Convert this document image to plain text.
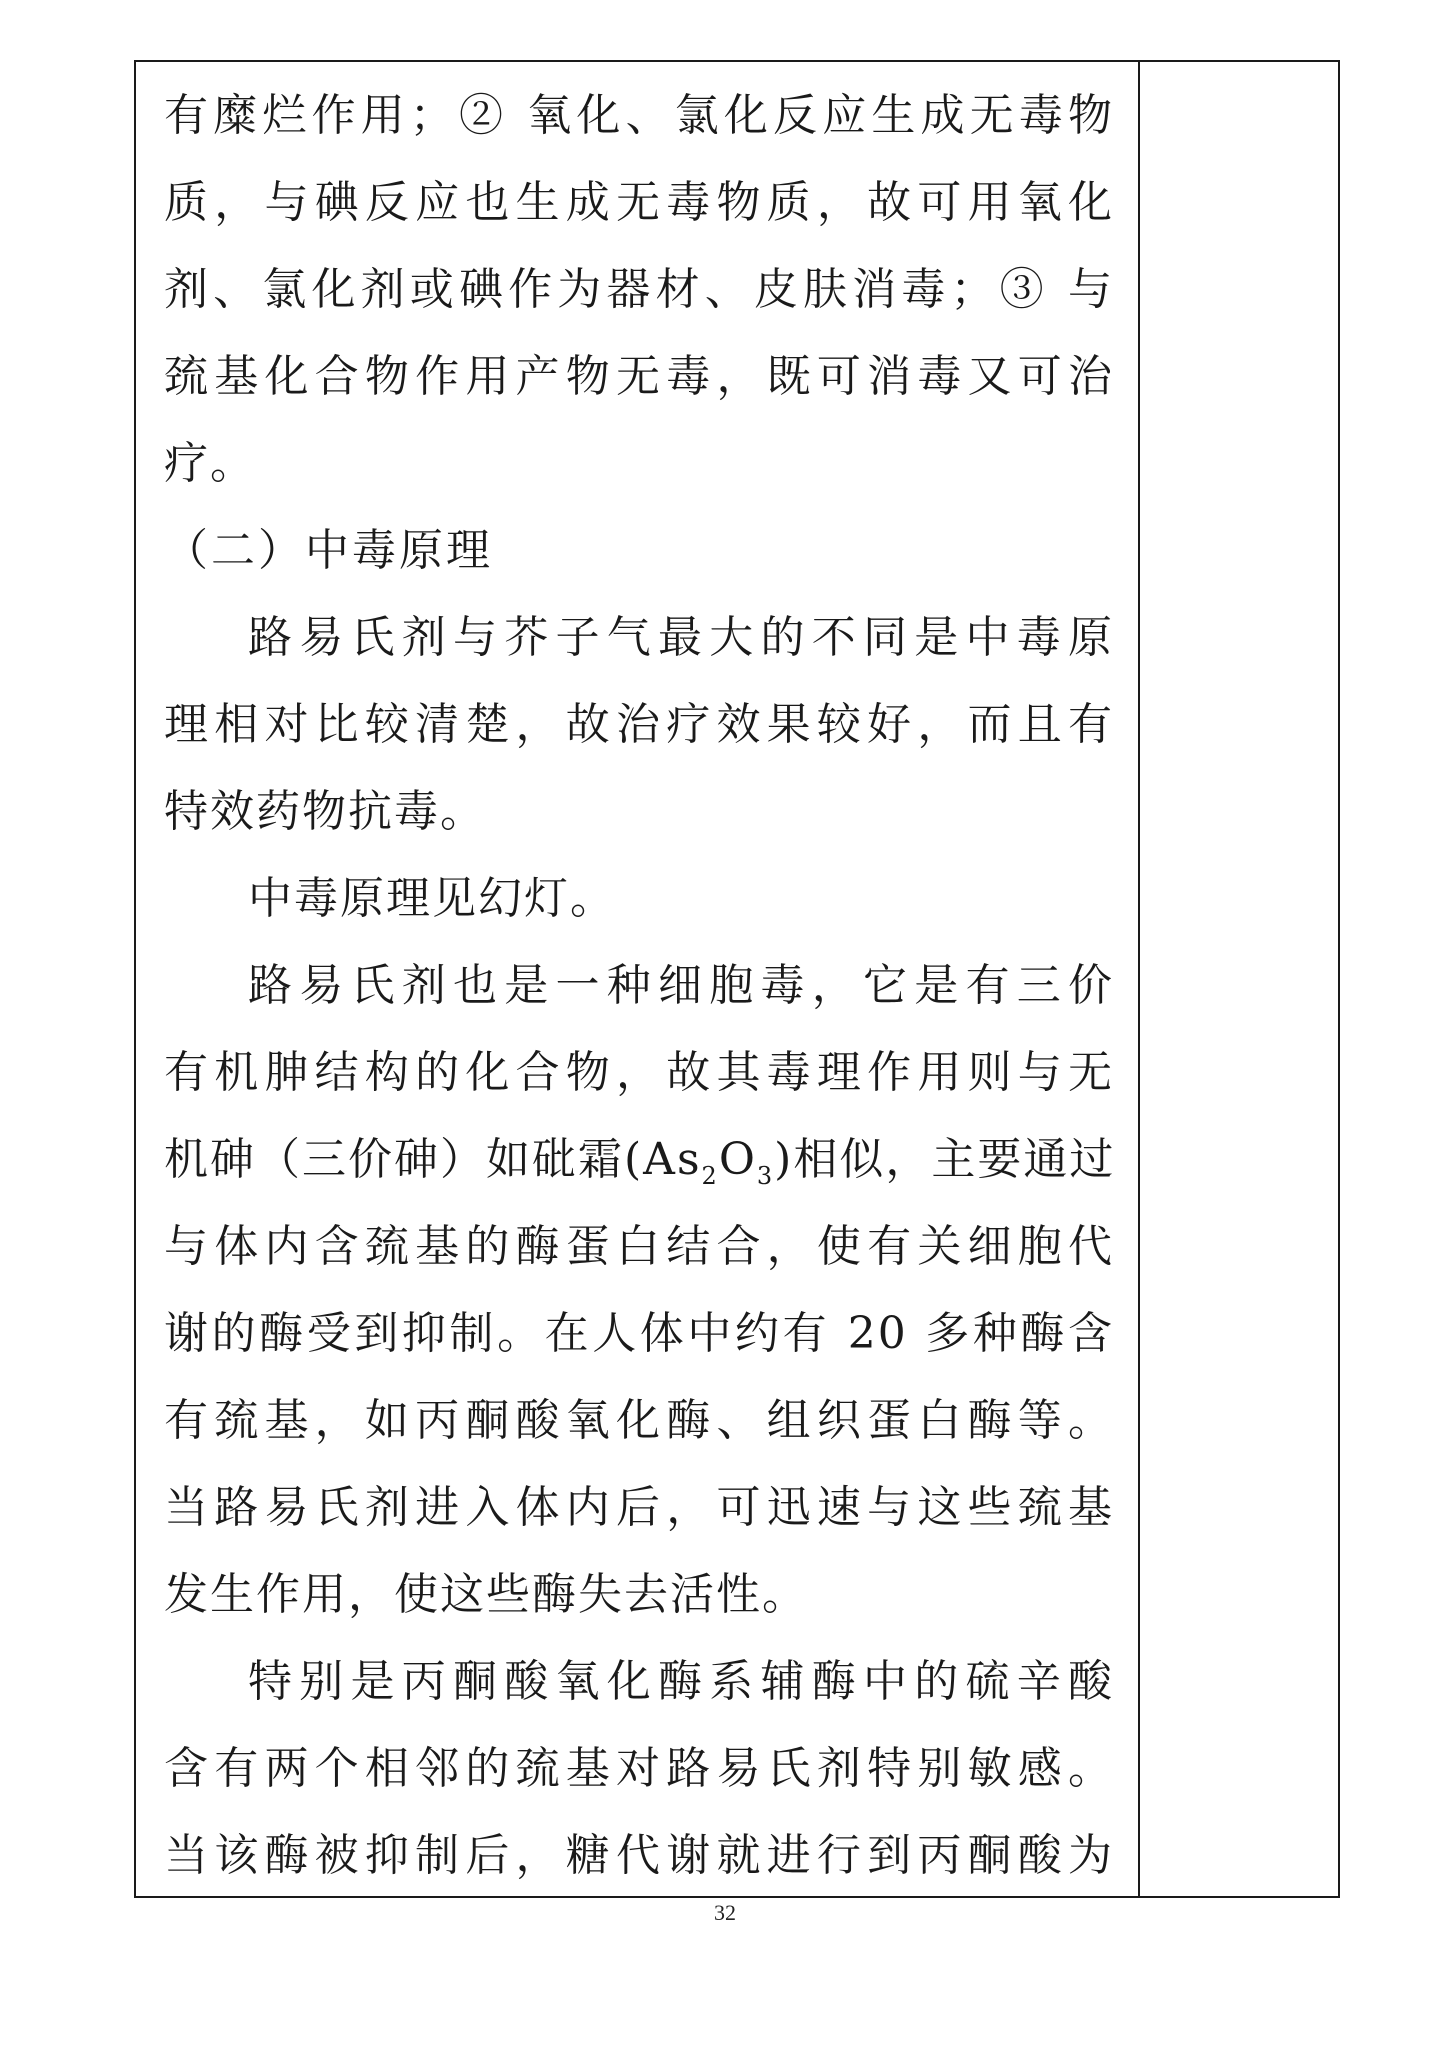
有糜烂作用；② 氧化、氯化反应生成无毒物
质，与碘反应也生成无毒物质，故可用氧化
剂、氯化剂或碘作为器材、皮肤消毒；③ 与
巯基化合物作用产物无毒，既可消毒又可治
疗。
（二）中毒原理
路易氏剂与芥子气最大的不同是中毒原
理相对比较清楚，故治疗效果较好，而且有
特效药物抗毒。
中毒原理见幻灯。
路易氏剂也是一种细胞毒，它是有三价
有机胂结构的化合物，故其毒理作用则与无
机砷（三价砷）如砒霜$(As_2O_3)$相似，主要通过
与体内含巯基的酶蛋白结合，使有关细胞代
谢的酶受到抑制。在人体中约有 20 多种酶含
有巯基，如丙酮酸氧化酶、组织蛋白酶等。
当路易氏剂进入体内后，可迅速与这些巯基
发生作用，使这些酶失去活性。
特别是丙酮酸氧化酶系辅酶中的硫辛酸
含有两个相邻的巯基对路易氏剂特别敏感。
当该酶被抑制后，糖代谢就进行到丙酮酸为
32
